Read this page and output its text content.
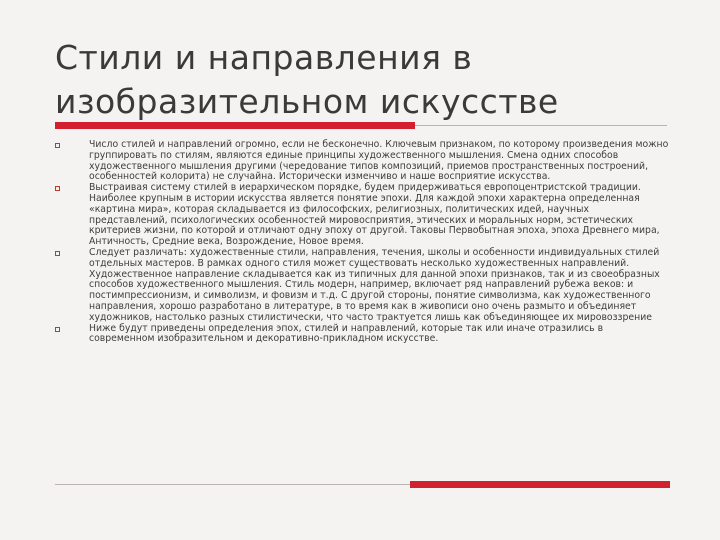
Стили и направления в
изобразительном искусстве

Число стилей и направлений огромно, если не бесконечно. Ключевым признаком, по которому произведения можно группировать по стилям, являются единые принципы художественного мышления. Смена одних способов художественного мышления другими (чередование типов композиций, приемов пространственных построений, особенностей колорита) не случайна. Исторически изменчиво и наше восприятие искусства.

Выстраивая систему стилей в иерархическом порядке, будем придерживаться европоцентристской традиции. Наиболее крупным в истории искусства является понятие эпохи. Для каждой эпохи характерна определенная «картина мира», которая складывается из философских, религиозных, политических идей, научных представлений, психологических особенностей мировосприятия, этических и моральных норм, эстетических критериев жизни, по которой и отличают одну эпоху от другой. Таковы Первобытная эпоха, эпоха Древнего мира, Античность, Средние века, Возрождение, Новое время.

Следует различать: художественные стили, направления, течения, школы и особенности индивидуальных стилей отдельных мастеров. В рамках одного стиля может существовать несколько художественных направлений. Художественное направление складывается как из типичных для данной эпохи признаков, так и из своеобразных способов художественного мышления. Стиль модерн, например, включает ряд направлений рубежа веков: и постимпрессионизм, и символизм, и фовизм и т.д. С другой стороны, понятие символизма, как художественного направления, хорошо разработано в литературе, в то время как в живописи оно очень размыто и объединяет художников, настолько разных стилистически, что часто трактуется лишь как объединяющее их мировоззрение

Ниже будут приведены определения эпох, стилей и направлений, которые так или иначе отразились в современном изобразительном и декоративно-прикладном искусстве.
